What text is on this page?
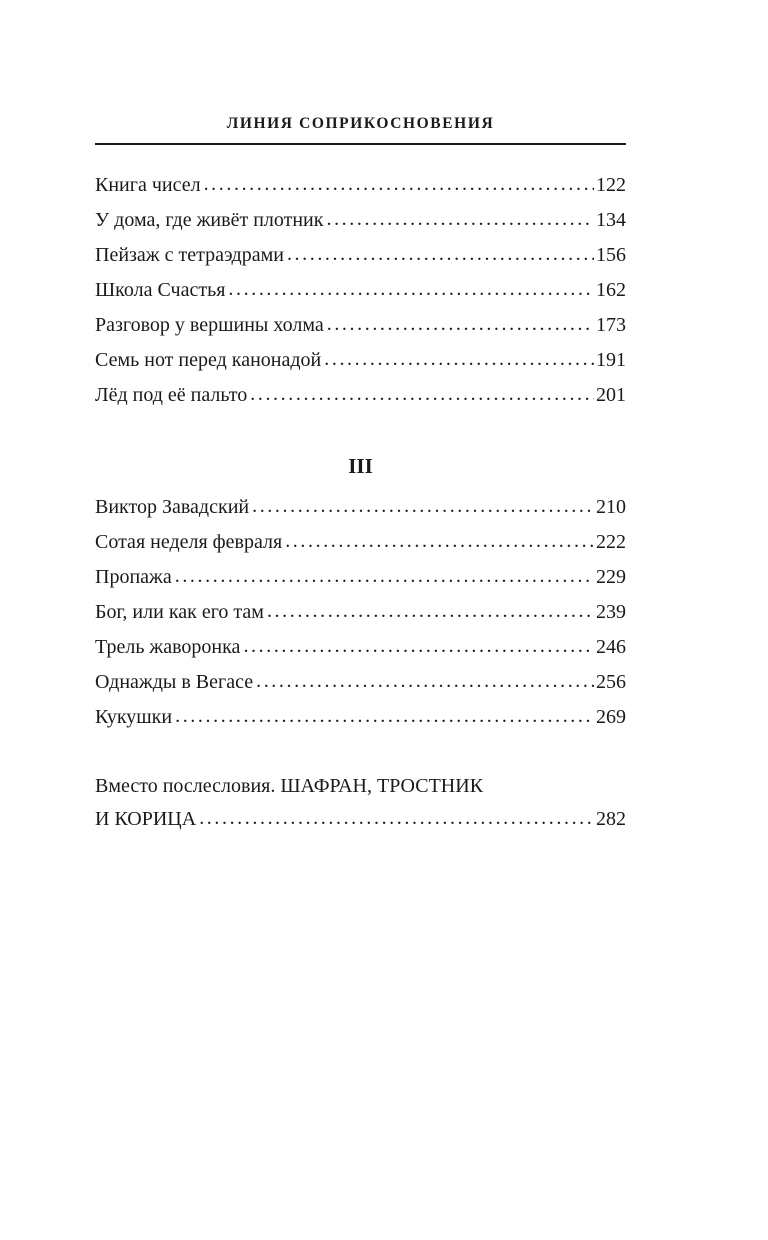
ЛИНИЯ СОПРИКОСНОВЕНИЯ
Книга чисел .....	122
У дома, где живёт плотник .....	134
Пейзаж с тетраэдрами .....	156
Школа Счастья .....	162
Разговор у вершины холма .....	173
Семь нот перед канонадой .....	191
Лёд под её пальто .....	201
III
Виктор Завадский .....	210
Сотая неделя февраля .....	222
Пропажа .....	229
Бог, или как его там .....	239
Трель жаворонка .....	246
Однажды в Вегасе .....	256
Кукушки .....	269
Вместо послесловия. ШАФРАН, ТРОСТНИК
И КОРИЦА .....	282
